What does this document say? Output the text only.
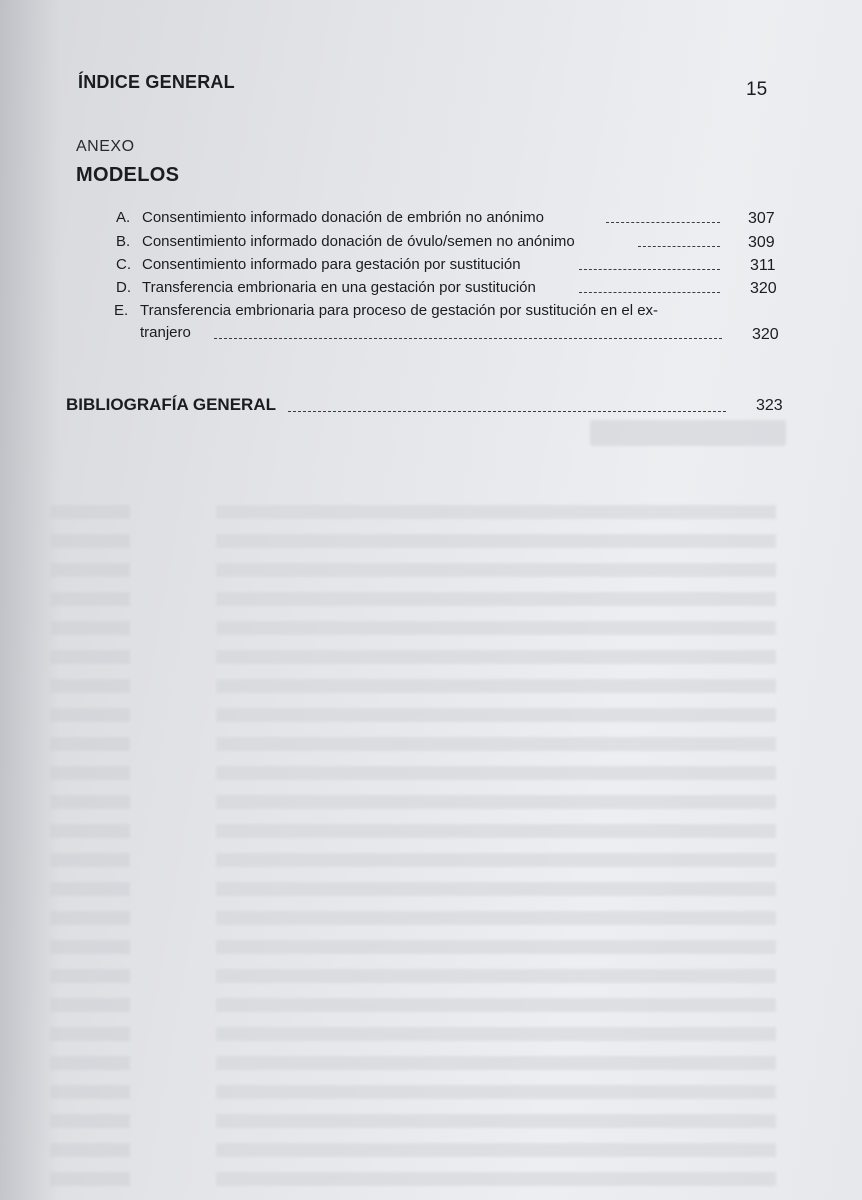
ÍNDICE GENERAL	15
ANEXO
MODELOS
A. Consentimiento informado donación de embrión no anónimo	307
B. Consentimiento informado donación de óvulo/semen no anónimo	309
C. Consentimiento informado para gestación por sustitución	311
D. Transferencia embrionaria en una gestación por sustitución	320
E. Transferencia embrionaria para proceso de gestación por sustitución en el ex-
tranjero	320
BIBLIOGRAFÍA GENERAL	323
